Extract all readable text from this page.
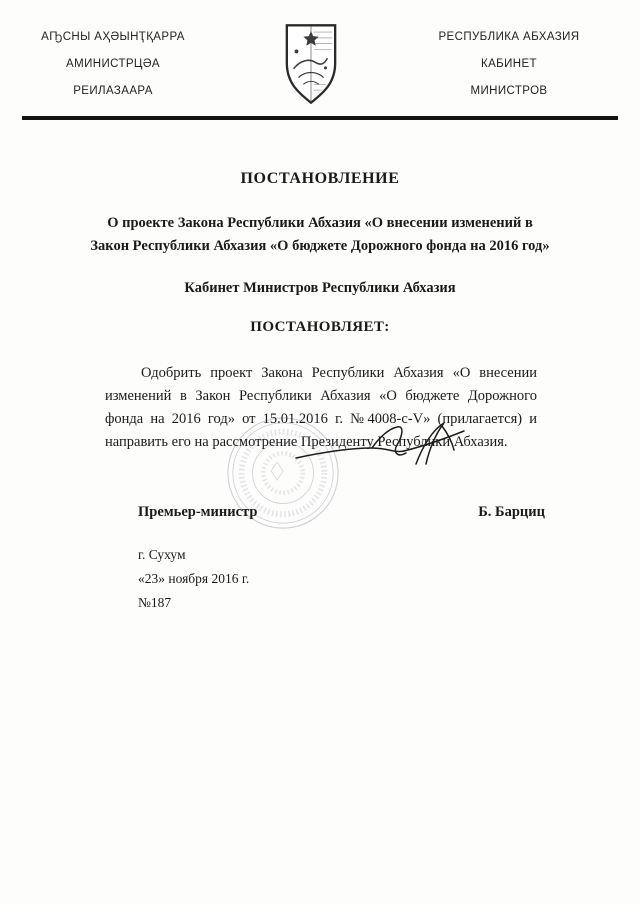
АҦСНЫ АҲӘЫНҬҚАРРА
АМИНИСТРЦӘА
РЕИЛАЗААРА
РЕСПУБЛИКА АБХАЗИЯ
КАБИНЕТ
МИНИСТРОВ
ПОСТАНОВЛЕНИЕ
О проекте Закона Республики Абхазия «О внесении изменений в
Закон Республики Абхазия «О бюджете Дорожного фонда на 2016 год»
Кабинет Министров Республики Абхазия
ПОСТАНОВЛЯЕТ:

Одобрить проект Закона Республики Абхазия «О внесении изменений в Закон Республики Абхазия «О бюджете Дорожного фонда на 2016 год» от 15.01.2016 г. №4008-с-V» (прилагается) и направить его на рассмотрение Президенту Республики Абхазия.

Премьер-министр	Б. Барциц
г. Сухум
«23» ноября 2016 г.
№187
